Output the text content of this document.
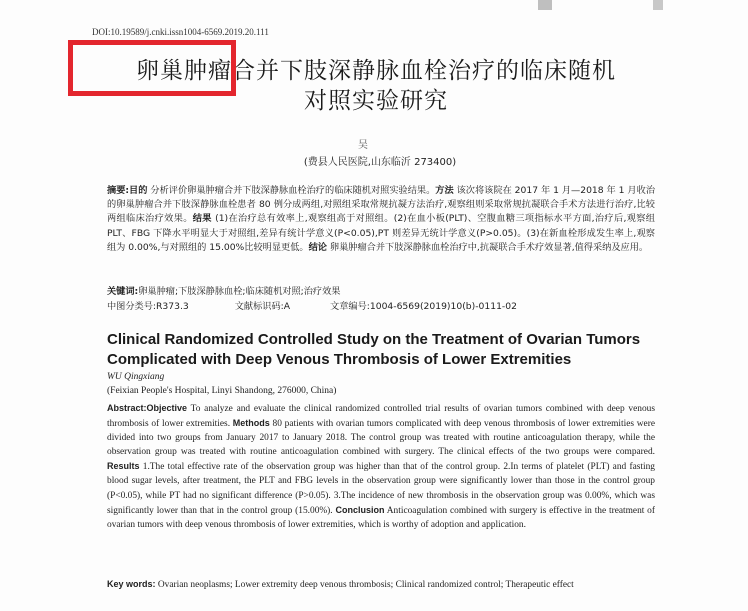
DOI:10.19589/j.cnki.issn1004-6569.2019.20.111
卵巢肿瘤合并下肢深静脉血栓治疗的临床随机
对照实验研究
吴
(费县人民医院,山东临沂 273400)
摘要:目的 分析评价卵巢肿瘤合并下肢深静脉血栓治疗的临床随机对照实验结果。方法 该次将该院在 2017 年 1 月—2018 年 1 月收治的卵巢肿瘤合并下肢深静脉血栓患者 80 例分成两组,对照组采取常规抗凝方法治疗,观察组则采取常规抗凝联合手术方法进行治疗,比较两组临床治疗效果。结果 (1)在治疗总有效率上,观察组高于对照组。(2)在血小板(PLT)、空腹血糖三项指标水平方面,治疗后,观察组 PLT、FBG 下降水平明显大于对照组,差异有统计学意义(P<0.05),PT 则差异无统计学意义(P>0.05)。(3)在新血栓形成发生率上,观察组为 0.00%,与对照组的 15.00%比较明显更低。结论 卵巢肿瘤合并下肢深静脉血栓治疗中,抗凝联合手术疗效显著,值得采纳及应用。
关键词:卵巢肿瘤;下肢深静脉血栓;临床随机对照;治疗效果
中图分类号:R373.3	文献标识码:A	文章编号:1004-6569(2019)10(b)-0111-02
Clinical Randomized Controlled Study on the Treatment of Ovarian Tumors Complicated with Deep Venous Thrombosis of Lower Extremities
WU Qingxiang
(Feixian People's Hospital, Linyi Shandong, 276000, China)
Abstract:Objective To analyze and evaluate the clinical randomized controlled trial results of ovarian tumors combined with deep venous thrombosis of lower extremities. Methods 80 patients with ovarian tumors complicated with deep venous thrombosis of lower extremities were divided into two groups from January 2017 to January 2018. The control group was treated with routine anticoagulation therapy, while the observation group was treated with routine anticoagulation combined with surgery. The clinical effects of the two groups were compared. Results 1.The total effective rate of the observation group was higher than that of the control group. 2.In terms of platelet (PLT) and fasting blood sugar levels, after treatment, the PLT and FBG levels in the observation group were significantly lower than those in the control group (P<0.05), while PT had no significant difference (P>0.05). 3.The incidence of new thrombosis in the observation group was 0.00%, which was significantly lower than that in the control group (15.00%). Conclusion Anticoagulation combined with surgery is effective in the treatment of ovarian tumors with deep venous thrombosis of lower extremities, which is worthy of adoption and application.
Key words: Ovarian neoplasms; Lower extremity deep venous thrombosis; Clinical randomized control; Therapeutic effect
